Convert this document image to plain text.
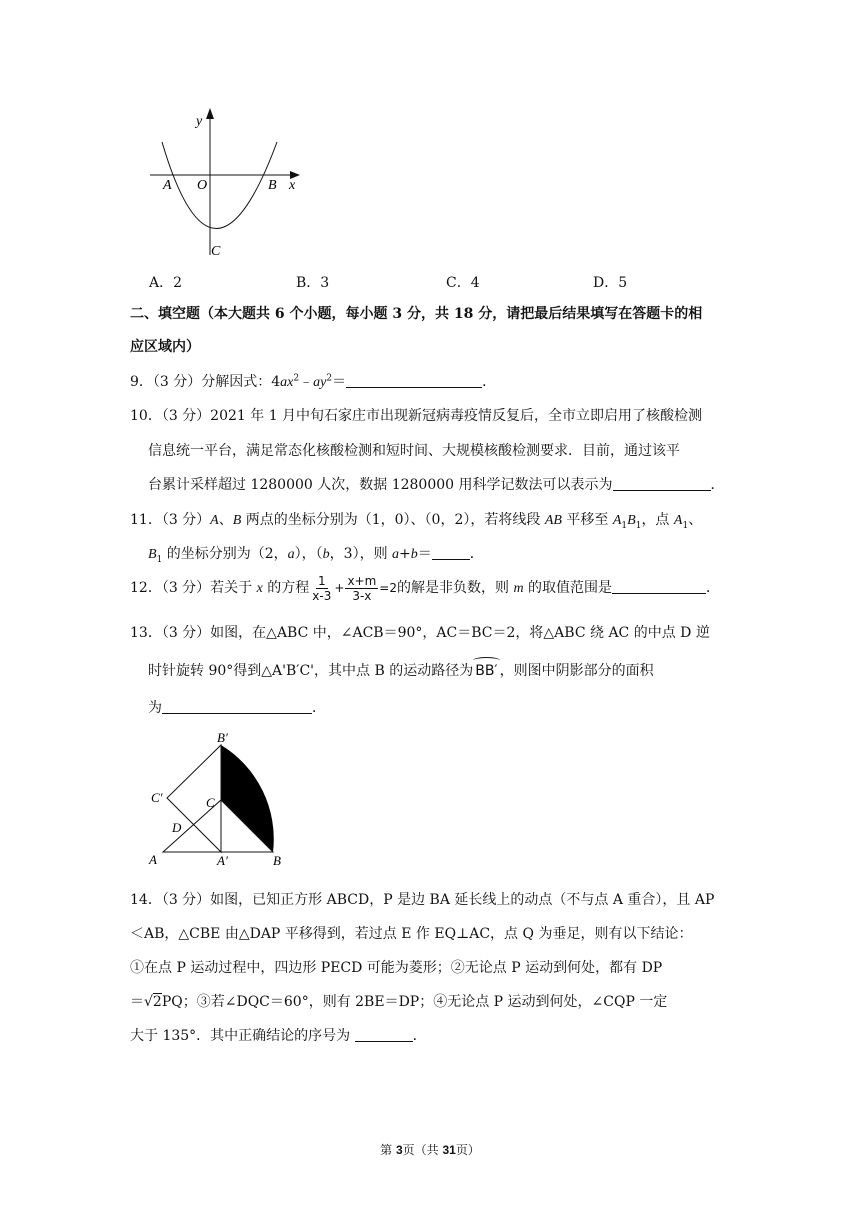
y
x
A O	B
C
A．2	B．3	C．4	D．5
二、填空题（本大题共 6 个小题，每小题 3 分，共 18 分，请把最后结果填写在答题卡的相
应区域内）
9．（3 分）分解因式：$4ax^2﹣ay^2=$	．
10．（3 分）2021 年 1 月中旬石家庄市出现新冠病毒疫情反复后，全市立即启用了核酸检测
信息统一平台，满足常态化核酸检测和短时间、大规模核酸检测要求．目前，通过该平
台累计采样超过 1280000 人次，数据 1280000 用科学记数法可以表示为	．
11．（3 分）A、B 两点的坐标分别为（1，0）、（0，2），若将线段 AB 平移至 $A_1B_1$，点 $A_1$、
$B_1$ 的坐标分别为（2，a），（b，3），则 a+b＝	．
12．（3 分）若关于 x 的方程 $\frac{1}{x-3} + \frac{x+m}{3-x} =2$的解是非负数，则 m 的取值范围是	．
13．（3 分）如图，在△ABC 中，∠ACB＝90°，AC＝BC＝2，将△ABC 绕 AC 的中点 D 逆
时针旋转 90°得到△A'B′C'，其中点 B 的运动路径为 BB′ ，则图中阴影部分的面积
为	．
B′
C′	C
D
A	A′	B
14．（3 分）如图，已知正方形 ABCD，P 是边 BA 延长线上的动点（不与点 A 重合），且 AP
＜AB，△CBE 由△DAP 平移得到，若过点 E 作 EQ⊥AC，点 Q 为垂足，则有以下结论：
①在点 P 运动过程中，四边形 PECD 可能为菱形；②无论点 P 运动到何处，都有 DP
＝√2PQ；③若∠DQC＝60°，则有 2BE＝DP；④无论点 P 运动到何处，∠CQP 一定
大于 135°．其中正确结论的序号为	．
第 3页（共 31页）
